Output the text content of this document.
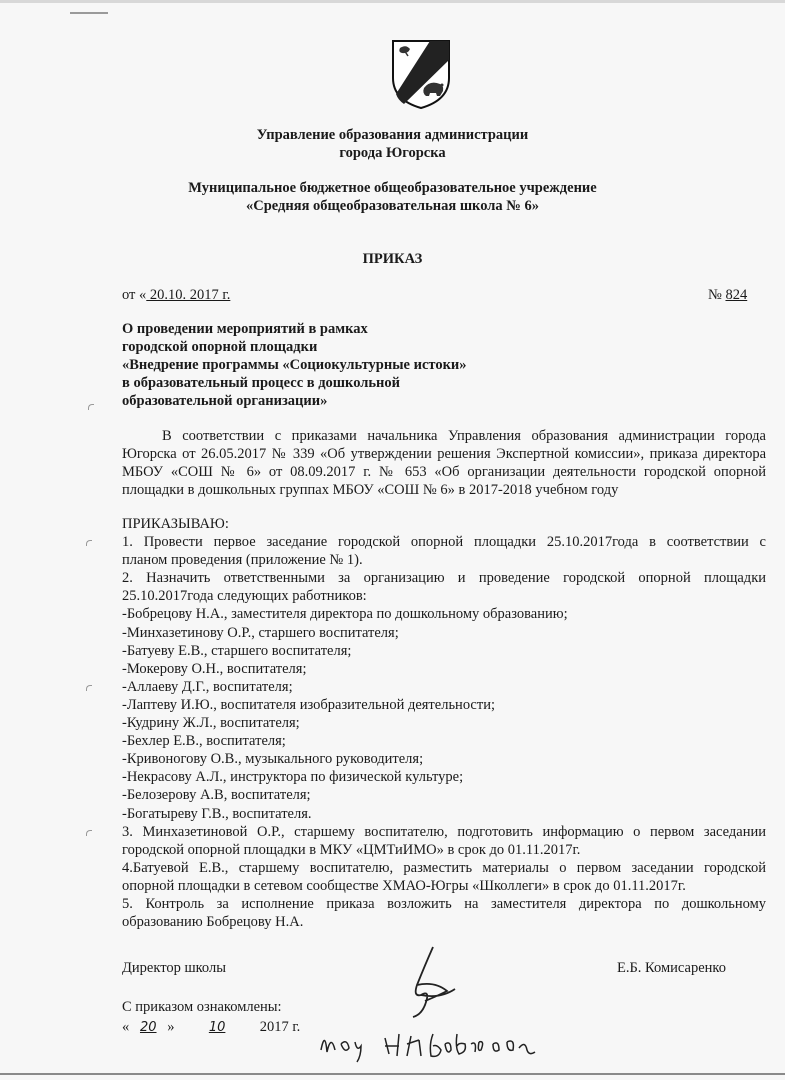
Управление образования администрации
города Югорска
Муниципальное бюджетное общеобразовательное учреждение
«Средняя общеобразовательная школа № 6»
ПРИКАЗ
от « 20.10. 2017 г.	№ 824
О проведении мероприятий в рамках
городской опорной площадки
«Внедрение программы «Социокультурные истоки»
в образовательный процесс в дошкольной
образовательной организации»
В соответствии с приказами начальника Управления образования администрации города Югорска от 26.05.2017 № 339 «Об утверждении решения Экспертной комиссии», приказа директора МБОУ «СОШ № 6» от 08.09.2017 г. № 653 «Об организации деятельности городской опорной площадки в дошкольных группах МБОУ «СОШ № 6» в 2017-2018 учебном году
ПРИКАЗЫВАЮ:
1. Провести первое заседание городской опорной площадки 25.10.2017года в соответствии с
планом проведения (приложение № 1).
2. Назначить ответственными за организацию и проведение городской опорной площадки
25.10.2017года следующих работников:
-Бобрецову Н.А., заместителя директора по дошкольному образованию;
-Минхазетинову О.Р., старшего воспитателя;
-Батуеву Е.В., старшего воспитателя;
-Мокерову О.Н., воспитателя;
-Аллаеву Д.Г., воспитателя;
-Лаптеву И.Ю., воспитателя изобразительной деятельности;
-Кудрину Ж.Л., воспитателя;
-Бехлер Е.В., воспитателя;
-Кривоногову О.В., музыкального руководителя;
-Некрасову А.Л., инструктора по физической культуре;
-Белозерову А.В, воспитателя;
-Богатыреву Г.В., воспитателя.
3. Минхазетиновой О.Р., старшему воспитателю, подготовить информацию о первом заседании
городской опорной площадки в МКУ «ЦМТиИМО» в срок до 01.11.2017г.
4.Батуевой Е.В., старшему воспитателю, разместить материалы о первом заседании городской
опорной площадки в сетевом сообществе ХМАО-Югры «Школлеги» в срок до 01.11.2017г.
5. Контроль за исполнение приказа возложить на заместителя директора по дошкольному
образованию Бобрецову Н.А.
Директор школы	Е.Б. Комисаренко
С приказом ознакомлены:
« 20 »	10 2017 г.	Ноу Н.А Бобрецова
